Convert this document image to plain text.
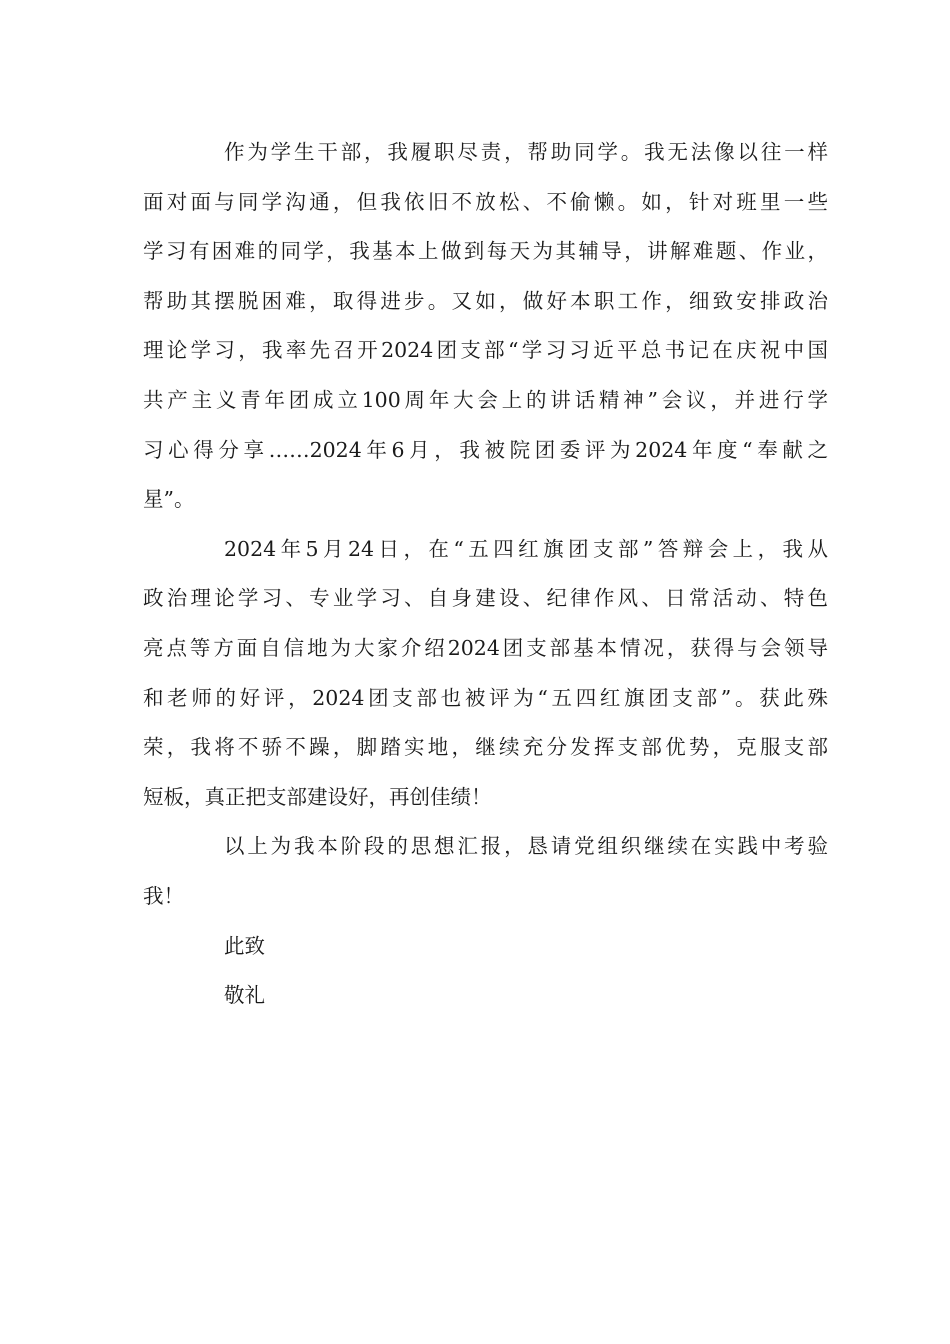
作为学生干部，我履职尽责，帮助同学。我无法像以往一样
面对面与同学沟通，但我依旧不放松、不偷懒。如，针对班里一些
学习有困难的同学，我基本上做到每天为其辅导，讲解难题、作业，
帮助其摆脱困难，取得进步。又如，做好本职工作，细致安排政治
理论学习，我率先召开2024团支部“学习习近平总书记在庆祝中国
共产主义青年团成立100周年大会上的讲话精神”会议，并进行学
习心得分享……2024年6月，我被院团委评为2024年度“奉献之
星”。
2024年5月24日，在“五四红旗团支部”答辩会上，我从
政治理论学习、专业学习、自身建设、纪律作风、日常活动、特色
亮点等方面自信地为大家介绍2024团支部基本情况，获得与会领导
和老师的好评，2024团支部也被评为“五四红旗团支部”。获此殊
荣，我将不骄不躁，脚踏实地，继续充分发挥支部优势，克服支部
短板，真正把支部建设好，再创佳绩！
以上为我本阶段的思想汇报，恳请党组织继续在实践中考验
我！
此致
敬礼
